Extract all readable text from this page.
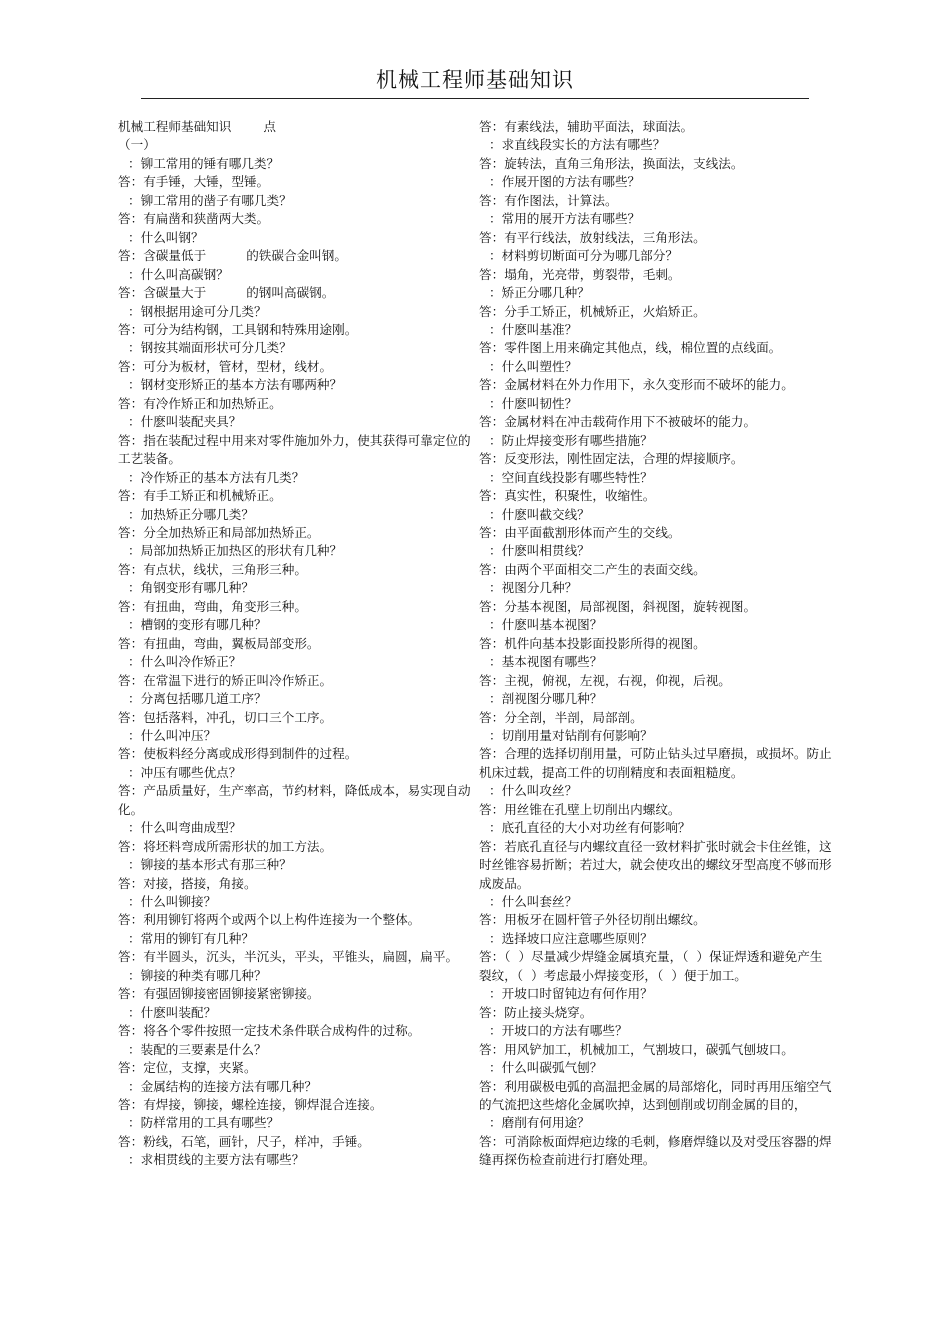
机械工程师基础知识
机械工程师基础知识        点
（一）
：铆工常用的锤有哪几类？
答：有手锤，大锤，型锤。
：铆工常用的凿子有哪几类？
答：有扁凿和狭凿两大类。
：什么叫钢？
答：含碳量低于          的铁碳合金叫钢。
：什么叫高碳钢？
答：含碳量大于          的钢叫高碳钢。
：钢根据用途可分几类？
答：可分为结构钢，工具钢和特殊用途刚。
：钢按其端面形状可分几类？
答：可分为板材，管材，型材，线材。
：钢材变形矫正的基本方法有哪两种？
答：有冷作矫正和加热矫正。
：什麽叫装配夹具？
答：指在装配过程中用来对零件施加外力，使其获得可靠定位的工艺装备。
：冷作矫正的基本方法有几类？
答：有手工矫正和机械矫正。
：加热矫正分哪几类？
答：分全加热矫正和局部加热矫正。
：局部加热矫正加热区的形状有几种？
答：有点状，线状，三角形三种。
：角钢变形有哪几种？
答：有扭曲，弯曲，角变形三种。
：槽钢的变形有哪几种？
答：有扭曲，弯曲，翼板局部变形。
：什么叫冷作矫正？
答：在常温下进行的矫正叫冷作矫正。
：分离包括哪几道工序？
答：包括落料，冲孔，切口三个工序。
：什么叫冲压？
答：使板料经分离或成形得到制件的过程。
：冲压有哪些优点？
答：产品质量好，生产率高，节约材料，降低成本，易实现自动化。
：什么叫弯曲成型？
答：将坯料弯成所需形状的加工方法。
：铆接的基本形式有那三种？
答：对接，搭接，角接。
：什么叫铆接？
答：利用铆钉将两个或两个以上构件连接为一个整体。
：常用的铆钉有几种？
答：有半圆头，沉头，半沉头，平头，平锥头，扁圆，扁平。
：铆接的种类有哪几种？
答：有强固铆接密固铆接紧密铆接。
：什麽叫装配？
答：将各个零件按照一定技术条件联合成构件的过称。
：装配的三要素是什么？
答：定位，支撑，夹紧。
：金属结构的连接方法有哪几种？
答：有焊接，铆接，螺栓连接，铆焊混合连接。
：防样常用的工具有哪些？
答：粉线，石笔，画针，尺子，样冲，手锤。
：求相贯线的主要方法有哪些？
答：有素线法，辅助平面法，球面法。
：求直线段实长的方法有哪些？
答：旋转法，直角三角形法，换面法，支线法。
：作展开图的方法有哪些？
答：有作图法，计算法。
：常用的展开方法有哪些？
答：有平行线法，放射线法，三角形法。
：材料剪切断面可分为哪几部分？
答：塌角，光亮带，剪裂带，毛刺。
：矫正分哪几种？
答：分手工矫正，机械矫正，火焰矫正。
：什麽叫基准？
答：零件图上用来确定其他点，线，棉位置的点线面。
：什么叫塑性？
答：金属材料在外力作用下，永久变形而不破坏的能力。
：什麽叫韧性？
答：金属材料在冲击载荷作用下不被破坏的能力。
：防止焊接变形有哪些措施？
答：反变形法，刚性固定法，合理的焊接顺序。
：空间直线投影有哪些特性？
答：真实性，积聚性，收缩性。
：什麽叫截交线？
答：由平面截割形体而产生的交线。
：什麽叫相贯线？
答：由两个平面相交二产生的表面交线。
：视图分几种？
答：分基本视图，局部视图，斜视图，旋转视图。
：什麽叫基本视图？
答：机件向基本投影面投影所得的视图。
：基本视图有哪些？
答：主视，俯视，左视，右视，仰视，后视。
：剖视图分哪几种？
答：分全剖，半剖，局部剖。
：切削用量对钻削有何影响？
答：合理的选择切削用量，可防止钻头过早磨损，或损坏。防止机床过载，提高工件的切削精度和表面粗糙度。
：什么叫攻丝？
答：用丝锥在孔壁上切削出内螺纹。
：底孔直径的大小对功丝有何影响？
答：若底孔直径与内螺纹直径一致材料扩张时就会卡住丝锥，这时丝锥容易折断；若过大，就会使攻出的螺纹牙型高度不够而形成废品。
：什么叫套丝？
答：用板牙在圆杆管子外径切削出螺纹。
：选择坡口应注意哪些原则？
答：（  ）尽量减少焊缝金属填充量，（  ）保证焊透和避免产生裂纹，（  ）考虑最小焊接变形，（  ）便于加工。
：开坡口时留钝边有何作用？
答：防止接头烧穿。
：开坡口的方法有哪些？
答：用风铲加工，机械加工，气割坡口，碳弧气刨坡口。
：什么叫碳弧气刨？
答：利用碳极电弧的高温把金属的局部熔化，同时再用压缩空气的气流把这些熔化金属吹掉，达到刨削或切削金属的目的，
：磨削有何用途？
答：可消除板面焊疤边缘的毛刺，修磨焊缝以及对受压容器的焊缝再探伤检查前进行打磨处理。
